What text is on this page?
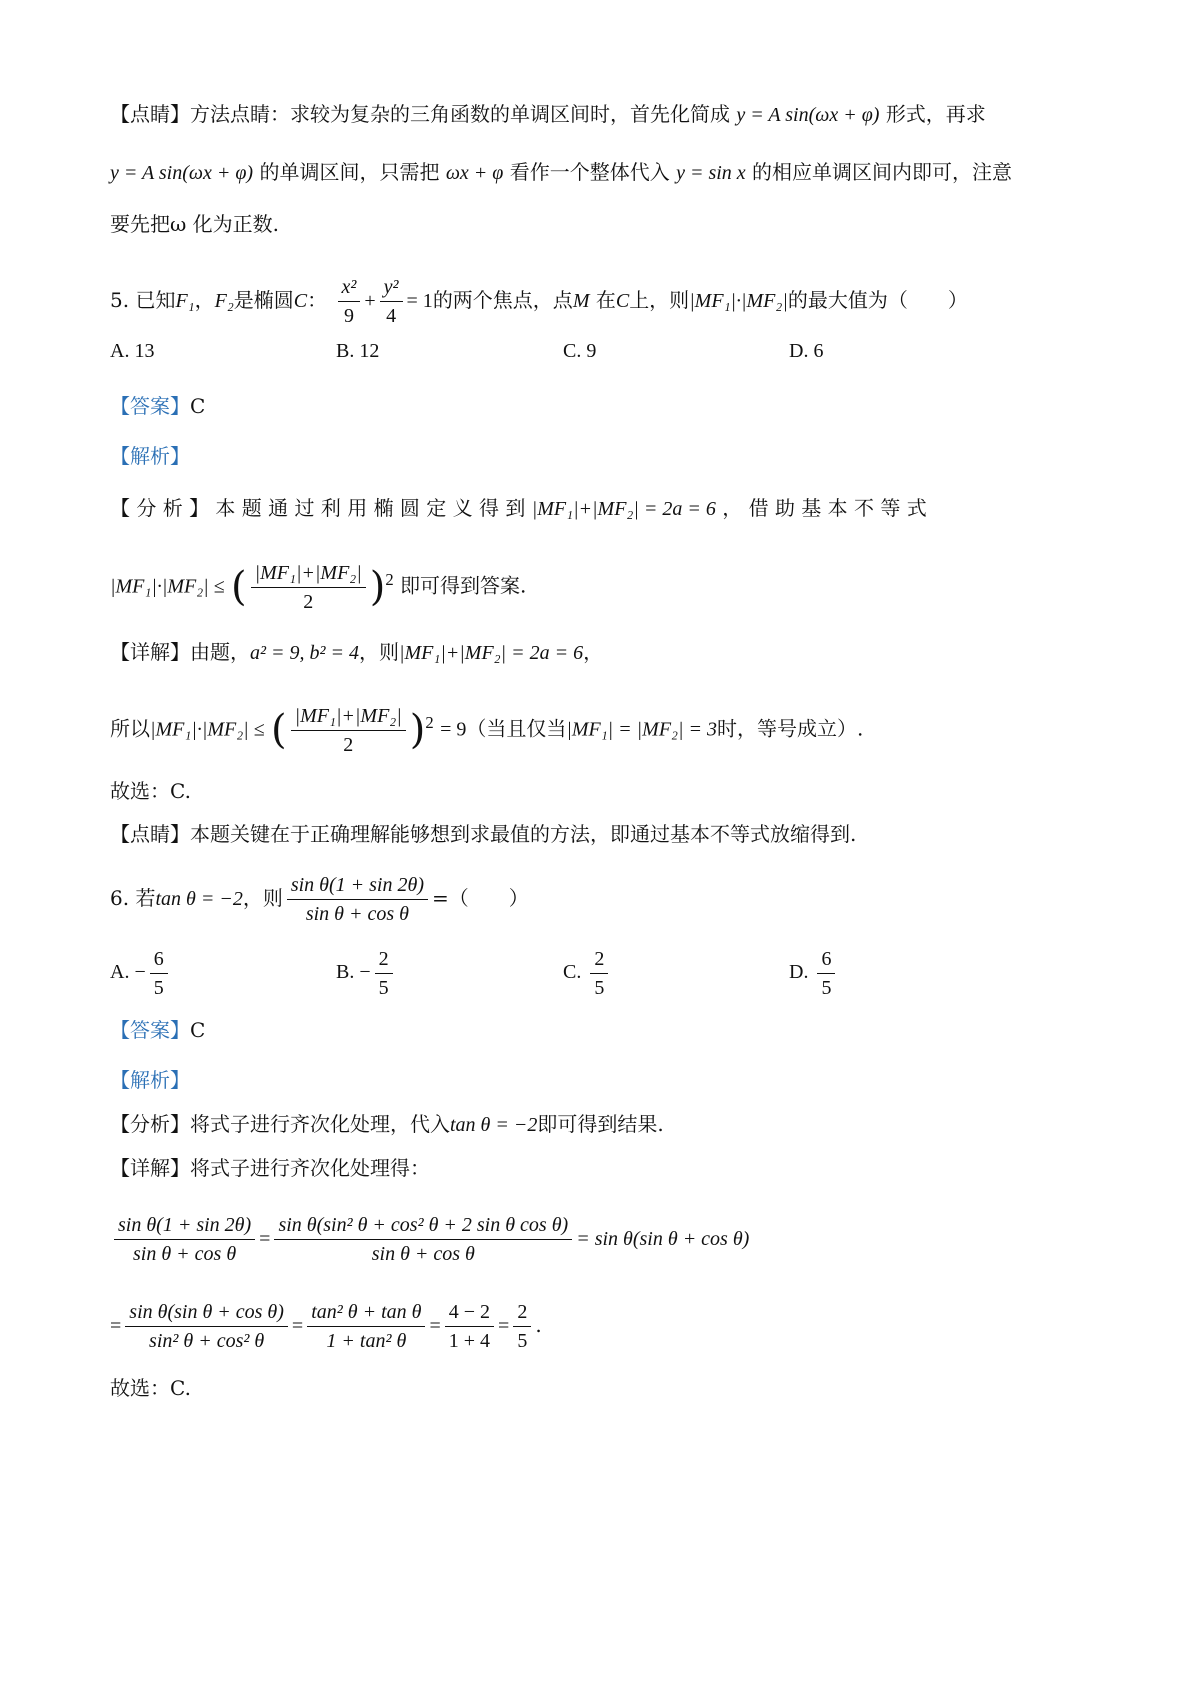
【点睛】方法点睛：求较为复杂的三角函数的单调区间时，首先化简成 y = A sin(ωx + φ) 形式，再求
y = A sin(ωx + φ) 的单调区间，只需把 ωx + φ 看作一个整体代入 y = sin x 的相应单调区间内即可，注意
要先把ω 化为正数.
5. 已知F₁，F₂是椭圆C： $\frac{\text{x²}}{9} + \frac{\text{y²}}{4} = 1$的两个焦点，点M 在C上，则|MF₁|·|MF₂|的最大值为（　　）
A. 13	B. 12	C. 9	D. 6
【答案】C
【解析】
【 分 析 】 本 题 通 过 利 用 椭 圆 定 义 得 到 |MF₁|+|MF₂| = 2a = 6 ， 借 助 基 本 不 等 式
|MF₁|·|MF₂| ≤ ( $\frac{\text{|MF₁|+|MF₂|}}{2} )^2$ 即可得到答案.
【详解】由题，a² = 9, b² = 4，则|MF₁|+|MF₂| = 2a = 6，
所以|MF₁|·|MF₂| ≤ ( $\frac{\text{|MF₁|+|MF₂|}}{2} )^2 = 9$（当且仅当|MF₁| = |MF₂| = 3时，等号成立）.
故选：C.
【点睛】本题关键在于正确理解能够想到求最值的方法，即通过基本不等式放缩得到.
6. 若tan θ = −2，则 $\frac{\text{sin θ(1 + sin 2θ)}}{\text{sin θ + cos θ}}$ =（　　）
A. − $\frac{6}{5}$	B. − $\frac{2}{5}$	C. $\frac{2}{5}$	D. $\frac{6}{5}$
【答案】C
【解析】
【分析】将式子进行齐次化处理，代入tan θ = −2即可得到结果.
【详解】将式子进行齐次化处理得：
$\frac{\text{sin θ(1 + sin 2θ)}}{\text{sin θ + cos θ}} = \frac{\text{sin θ(sin² θ + cos² θ + 2 sin θ cos θ)}}{\text{sin θ + cos θ}} = \sin \theta(\sin$ θ + cos θ)
= $\frac{\text{sin θ(sin θ + cos θ)}}{\text{sin² θ + cos² θ}} = \frac{\text{tan² θ + tan θ}}{\text{1 + tan² θ}} = \frac{4 - 2}{1 + 4} = \frac{2}{5}$ .
故选：C.
